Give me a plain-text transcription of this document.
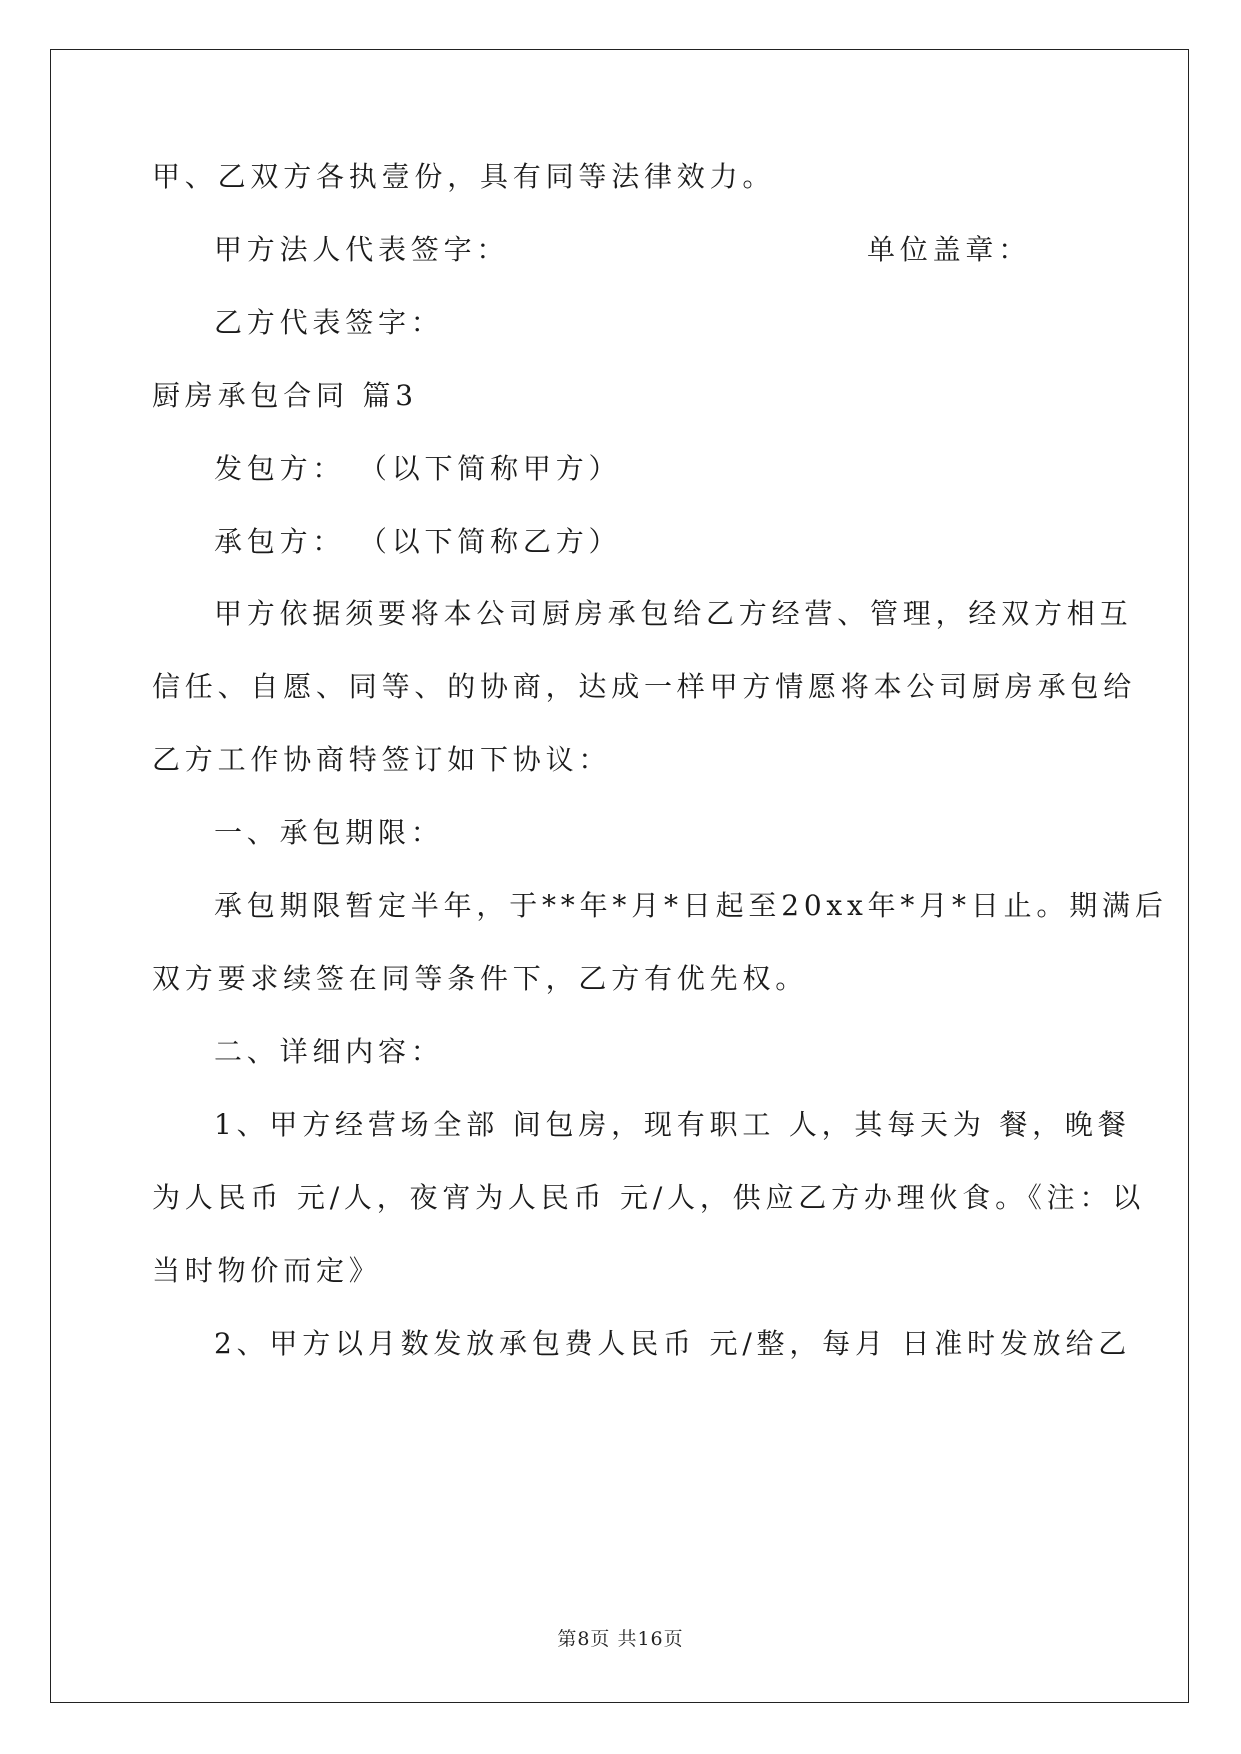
甲、乙双方各执壹份，具有同等法律效力。
甲方法人代表签字：	单位盖章：
乙方代表签字：
厨房承包合同 篇3
发包方： （以下简称甲方）
承包方： （以下简称乙方）
甲方依据须要将本公司厨房承包给乙方经营、管理，经双方相互
信任、自愿、同等、的协商，达成一样甲方情愿将本公司厨房承包给
乙方工作协商特签订如下协议：
一、承包期限：
承包期限暂定半年，于**年*月*日起至20xx年*月*日止。期满后
双方要求续签在同等条件下，乙方有优先权。
二、详细内容：
1、甲方经营场全部 间包房，现有职工 人，其每天为 餐，晚餐
为人民币 元/人，夜宵为人民币 元/人，供应乙方办理伙食。《注：以
当时物价而定》
2、甲方以月数发放承包费人民币 元/整，每月 日准时发放给乙
第8页 共16页
